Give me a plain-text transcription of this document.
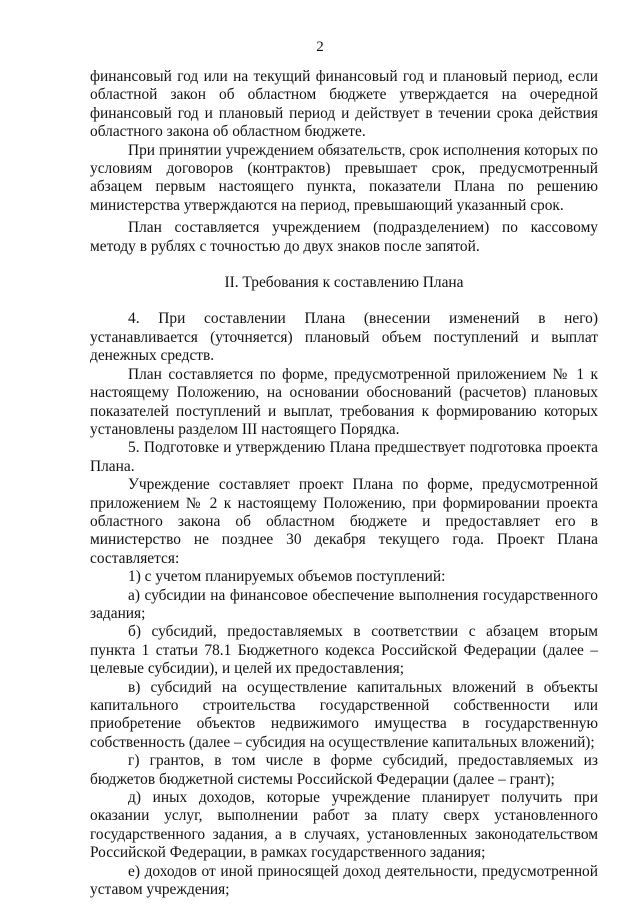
2

финансовый год или на текущий финансовый год и плановый период, если областной закон об областном бюджете утверждается на очередной финансовый год и плановый период и действует в течении срока действия областного закона об областном бюджете.

При принятии учреждением обязательств, срок исполнения которых по условиям договоров (контрактов) превышает срок, предусмотренный абзацем первым настоящего пункта, показатели Плана по решению министерства утверждаются на период, превышающий указанный срок.

План составляется учреждением (подразделением) по кассовому методу в рублях с точностью до двух знаков после запятой.

II. Требования к составлению Плана

4. При составлении Плана (внесении изменений в него) устанавливается (уточняется) плановый объем поступлений и выплат денежных средств.

План составляется по форме, предусмотренной приложением № 1 к настоящему Положению, на основании обоснований (расчетов) плановых показателей поступлений и выплат, требования к формированию которых установлены разделом III настоящего Порядка.

5. Подготовке и утверждению Плана предшествует подготовка проекта Плана.

Учреждение составляет проект Плана по форме, предусмотренной приложением № 2 к настоящему Положению, при формировании проекта областного закона об областном бюджете и предоставляет его в министерство не позднее 30 декабря текущего года. Проект Плана составляется:

1) с учетом планируемых объемов поступлений:

а) субсидии на финансовое обеспечение выполнения государственного задания;

б) субсидий, предоставляемых в соответствии с абзацем вторым пункта 1 статьи 78.1 Бюджетного кодекса Российской Федерации (далее – целевые субсидии), и целей их предоставления;

в) субсидий на осуществление капитальных вложений в объекты капитального строительства государственной собственности или приобретение объектов недвижимого имущества в государственную собственность (далее – субсидия на осуществление капитальных вложений);

г) грантов, в том числе в форме субсидий, предоставляемых из бюджетов бюджетной системы Российской Федерации (далее – грант);

д) иных доходов, которые учреждение планирует получить при оказании услуг, выполнении работ за плату сверх установленного государственного задания, а в случаях, установленных законодательством Российской Федерации, в рамках государственного задания;

е) доходов от иной приносящей доход деятельности, предусмотренной уставом учреждения;
